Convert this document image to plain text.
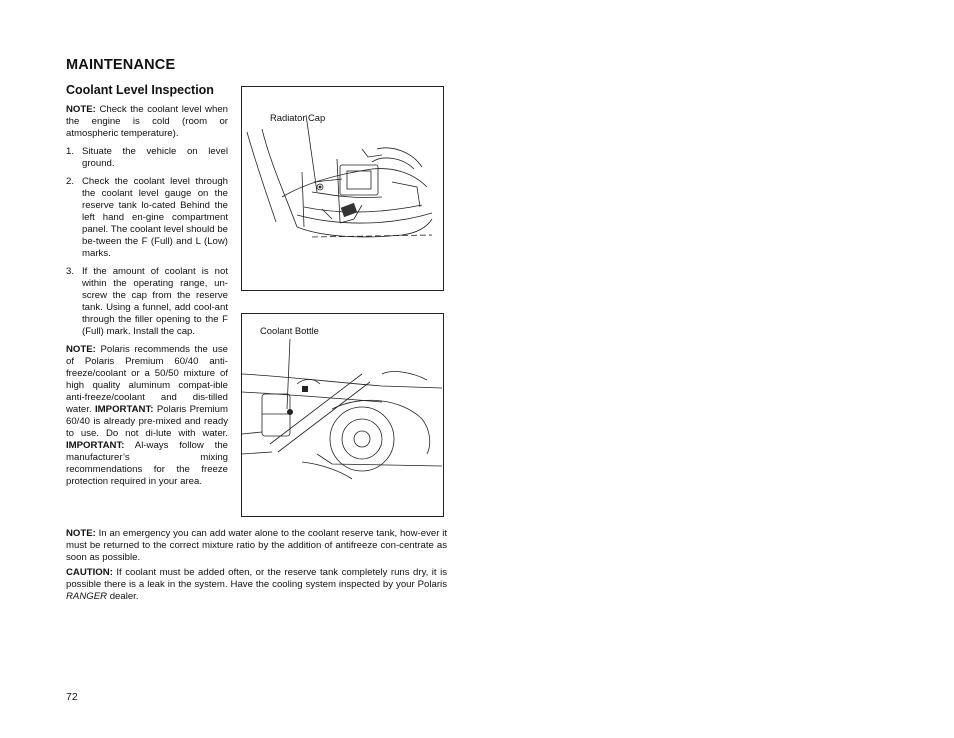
MAINTENANCE
Coolant Level Inspection

NOTE: Check the coolant level when the engine is cold (room or atmospheric temperature).

1. Situate the vehicle on level ground.
2. Check the coolant level through the coolant level gauge on the reserve tank lo-cated Behind the left hand en-gine compartment panel. The coolant level should be be-tween the F (Full) and L (Low) marks.
3. If the amount of coolant is not within the operating range, un-screw the cap from the reserve tank. Using a funnel, add cool-ant through the filler opening to the F (Full) mark. Install the cap.

NOTE: Polaris recommends the use of Polaris Premium 60/40 anti-freeze/coolant or a 50/50 mixture of high quality aluminum compat-ible anti-freeze/coolant and dis-tilled water. IMPORTANT: Polaris Premium 60/40 is already pre-mixed and ready to use. Do not di-lute with water. IMPORTANT: Al-ways follow the manufacturer’s mixing recommendations for the freeze protection required in your area.

Radiator Cap
Coolant Bottle
NOTE: In an emergency you can add water alone to the coolant reserve tank, how-ever it must be returned to the correct mixture ratio by the addition of antifreeze con-centrate as soon as possible.
CAUTION: If coolant must be added often, or the reserve tank completely runs dry, it is possible there is a leak in the system. Have the cooling system inspected by your Polaris RANGER dealer.
72
